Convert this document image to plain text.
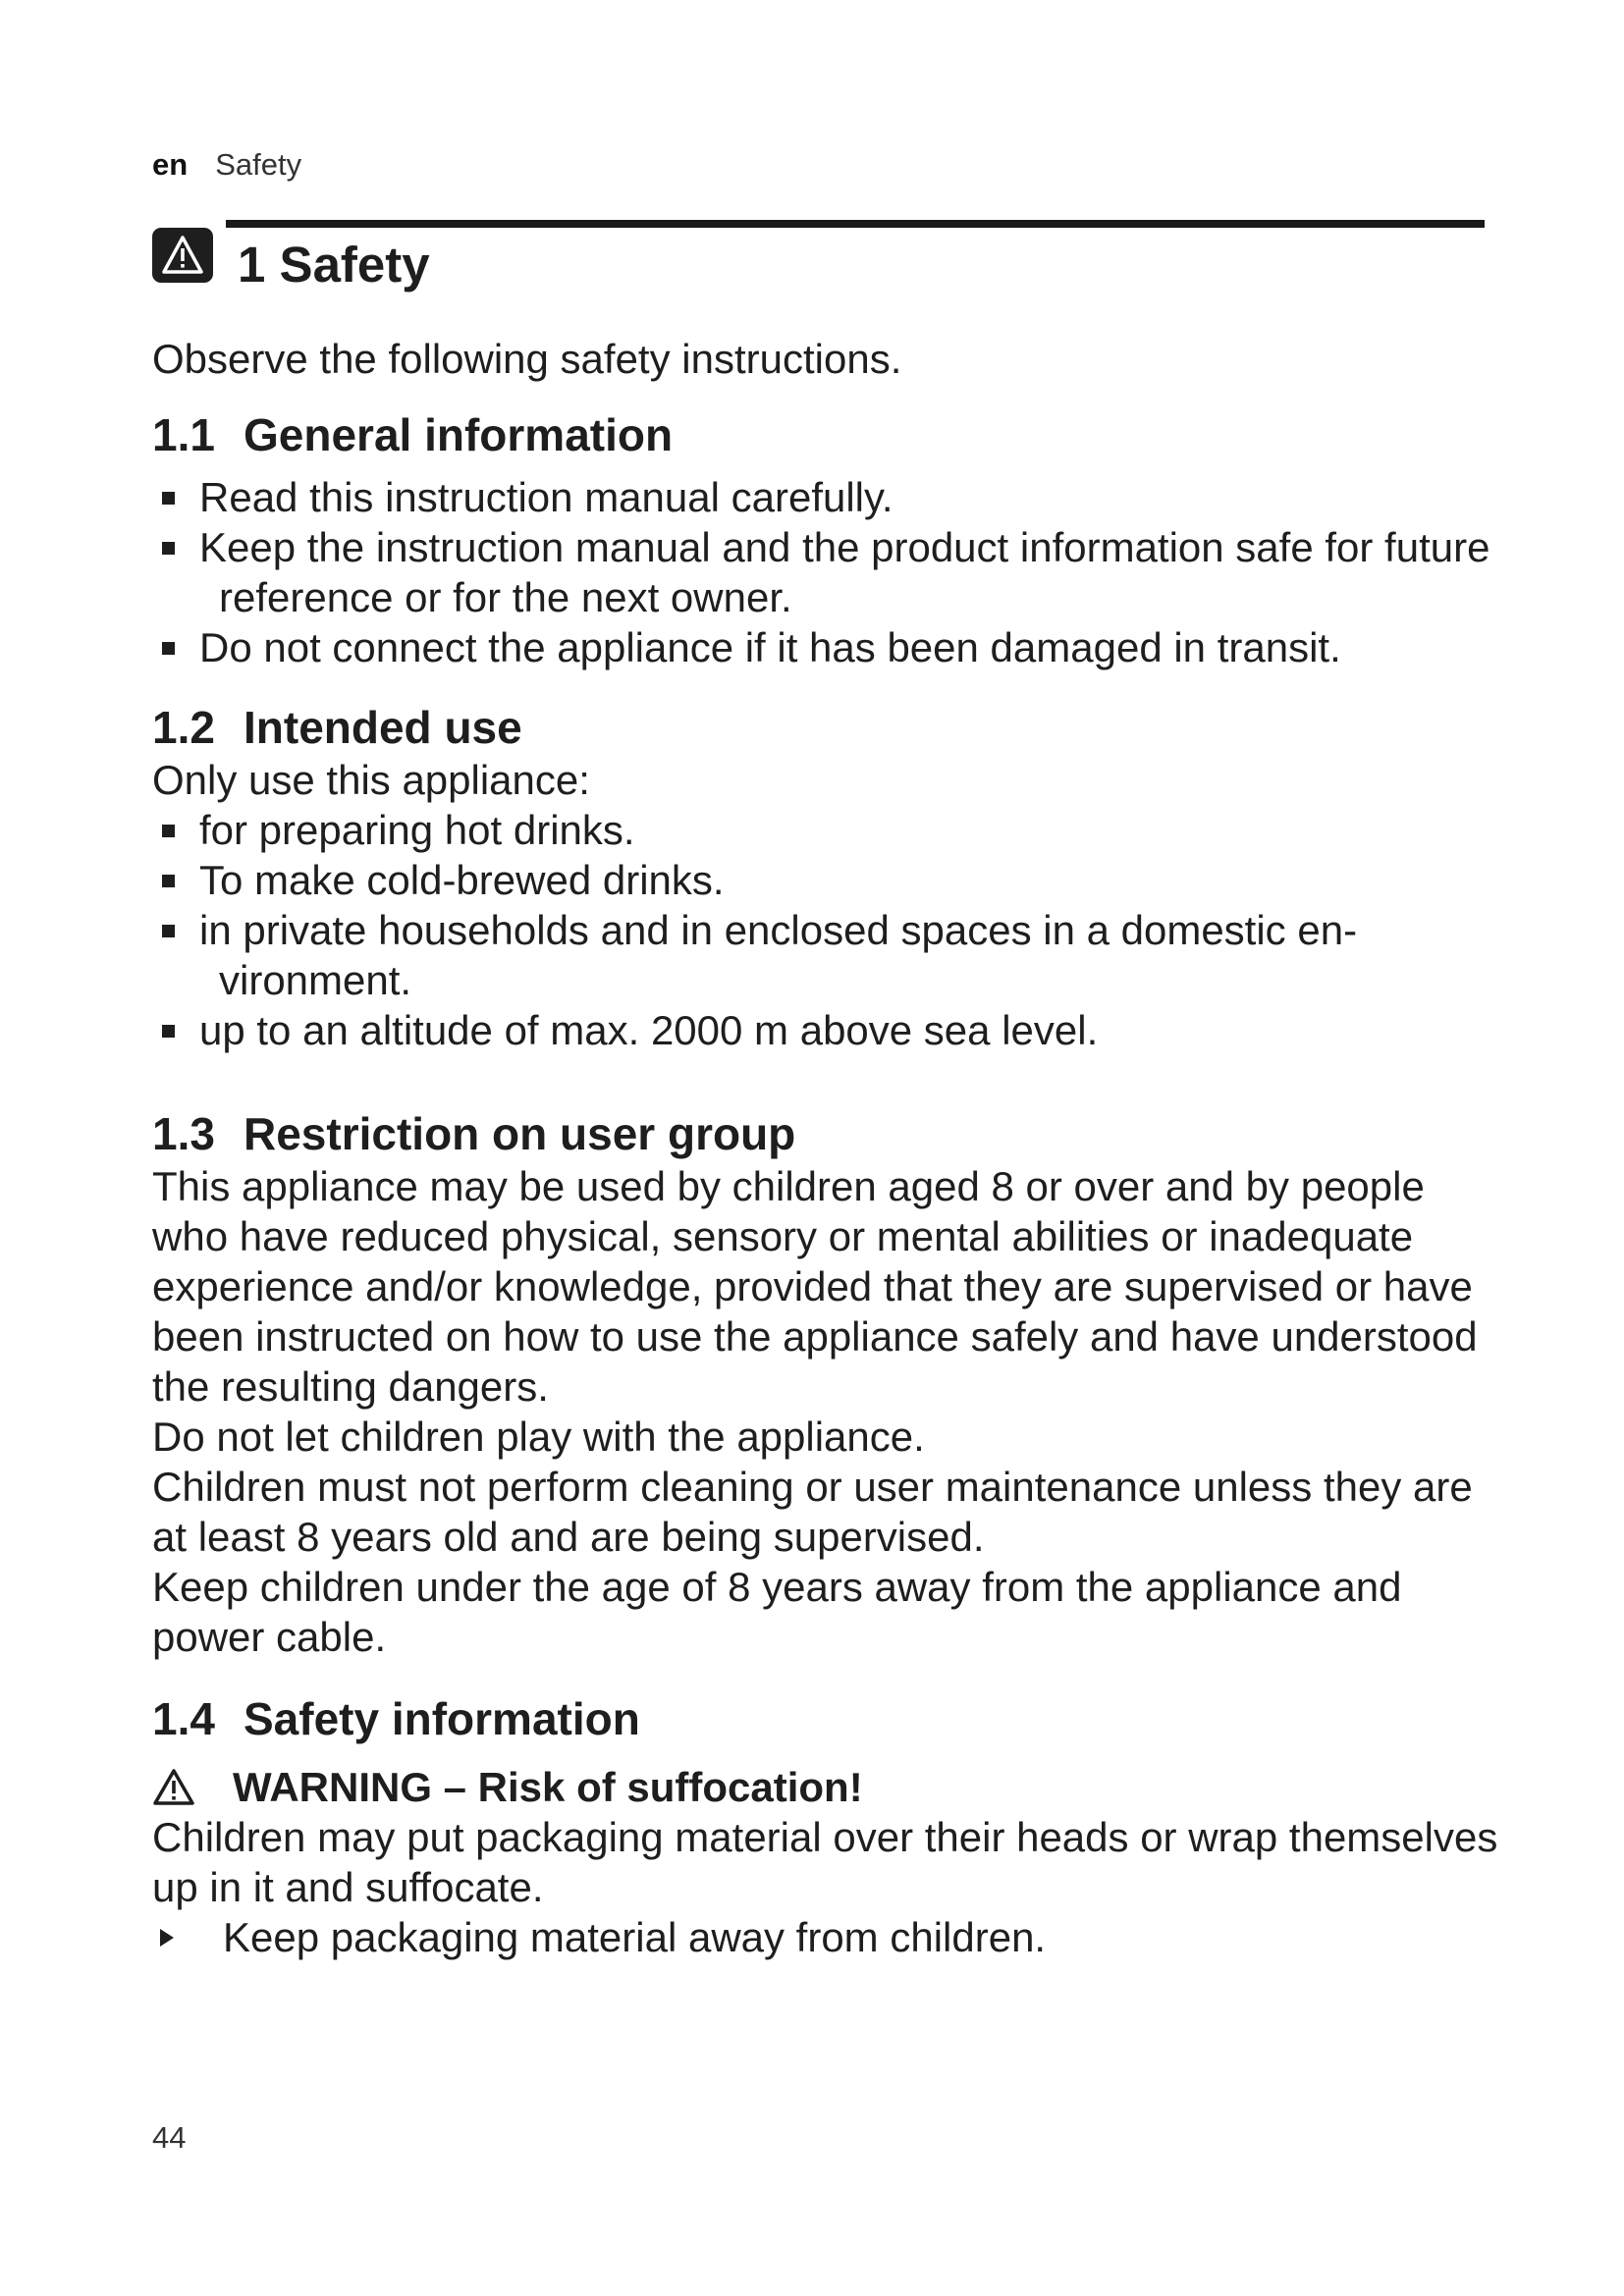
en Safety
1 Safety

Observe the following safety instructions.

1.1 General information
Read this instruction manual carefully.
Keep the instruction manual and the product information safe for future reference or for the next owner.
Do not connect the appliance if it has been damaged in transit.
1.2 Intended use

Only use this appliance:

for preparing hot drinks.
To make cold-brewed drinks.
in private households and in enclosed spaces in a domestic en- vironment.
up to an altitude of max. 2000 m above sea level.
1.3 Restriction on user group

This appliance may be used by children aged 8 or over and by people who have reduced physical, sensory or mental abilities or inadequate experience and/or knowledge, provided that they are supervised or have been instructed on how to use the appliance safely and have understood the resulting dangers.

Do not let children play with the appliance.

Children must not perform cleaning or user maintenance unless they are at least 8 years old and are being supervised.

Keep children under the age of 8 years away from the appliance and power cable.

1.4 Safety information
WARNING – Risk of suffocation!

Children may put packaging material over their heads or wrap themselves up in it and suffocate.

Keep packaging material away from children.
44
